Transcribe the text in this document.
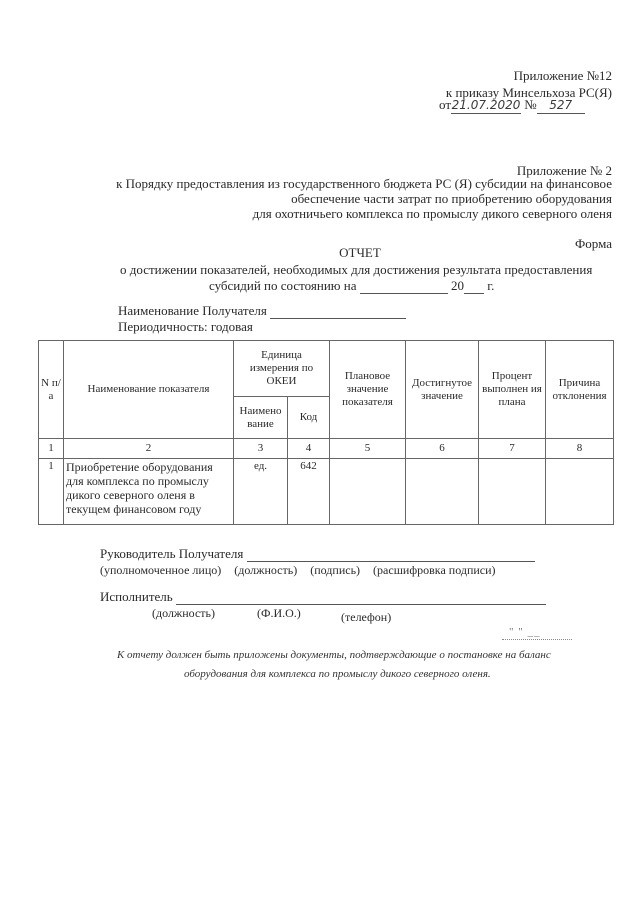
Приложение №12
к приказу Минсельхоза РС(Я)
от21.07.2020 № 527
Приложение № 2
к Порядку предоставления из государственного бюджета РС (Я) субсидии на финансовое
обеспечение части затрат по приобретению оборудования
для охотничьего комплекса по промыслу дикого северного оленя
Форма
ОТЧЕТ
о достижении показателей, необходимых для достижения результата предоставления
субсидий по состоянию на	20 г.
Наименование Получателя
Периодичность: годовая
N п/а	Наименование показателя	Единица измерения по ОКЕИ		Плановое значение показателя	Достигнутое значение	Процент выполнен ия плана	Причина отклонения
		Наимено вание	Код				
1	2	3	4	5	6	7	8
1	Приобретение оборудования для комплекса по промыслу дикого северного оленя в текущем финансовом году	ед.	642				
Руководитель Получателя
(уполномоченное лицо) (должность) (подпись) (расшифровка подписи)
Исполнитель
(должность)	(Ф.И.О.)	(телефон)
" " __
К отчету должен быть приложены документы, подтверждающие о постановке на баланс
оборудования для комплекса по промыслу дикого северного оленя.
